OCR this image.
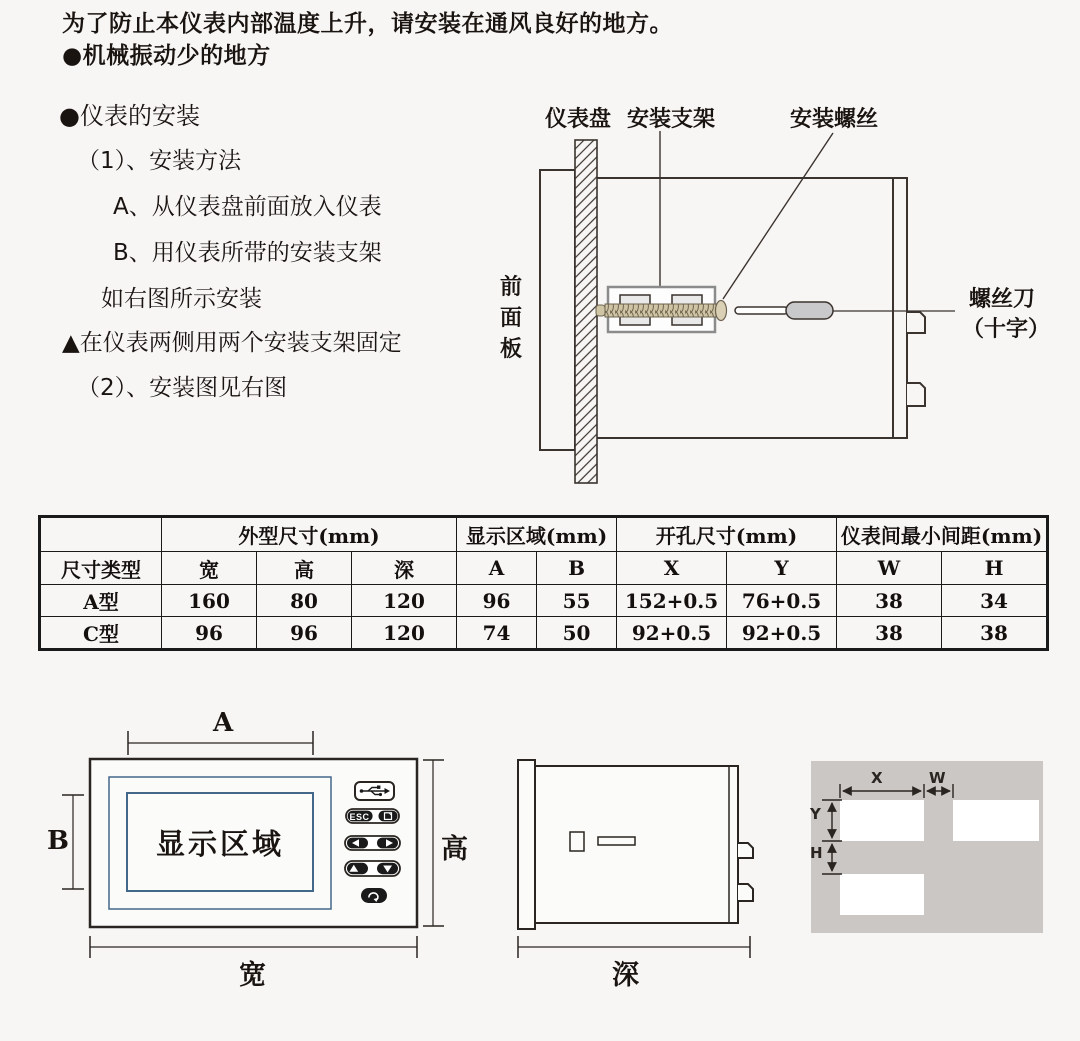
为了防止本仪表内部温度上升，请安装在通风良好的地方。
●机械振动少的地方
●仪表的安装
（1）、安装方法
A、从仪表盘前面放入仪表
B、用仪表所带的安装支架
如右图所示安装
▲在仪表两侧用两个安装支架固定
（2）、安装图见右图
仪表盘 安装支架	安装螺丝
前面板
螺丝刀
（十字）
	外型尺寸(mm)			显示区域(mm)		开孔尺寸(mm)		仪表间最小间距(mm)	
尺寸类型	宽	高	深	A	B	X	Y	W	H
A型	160	80	120	96	55	152+0.5	76+0.5	38	34
C型	96	96	120	74	50	92+0.5	92+0.5	38	38
A
B	显示区域	高
宽
ESC
深
X	W
Y
H
